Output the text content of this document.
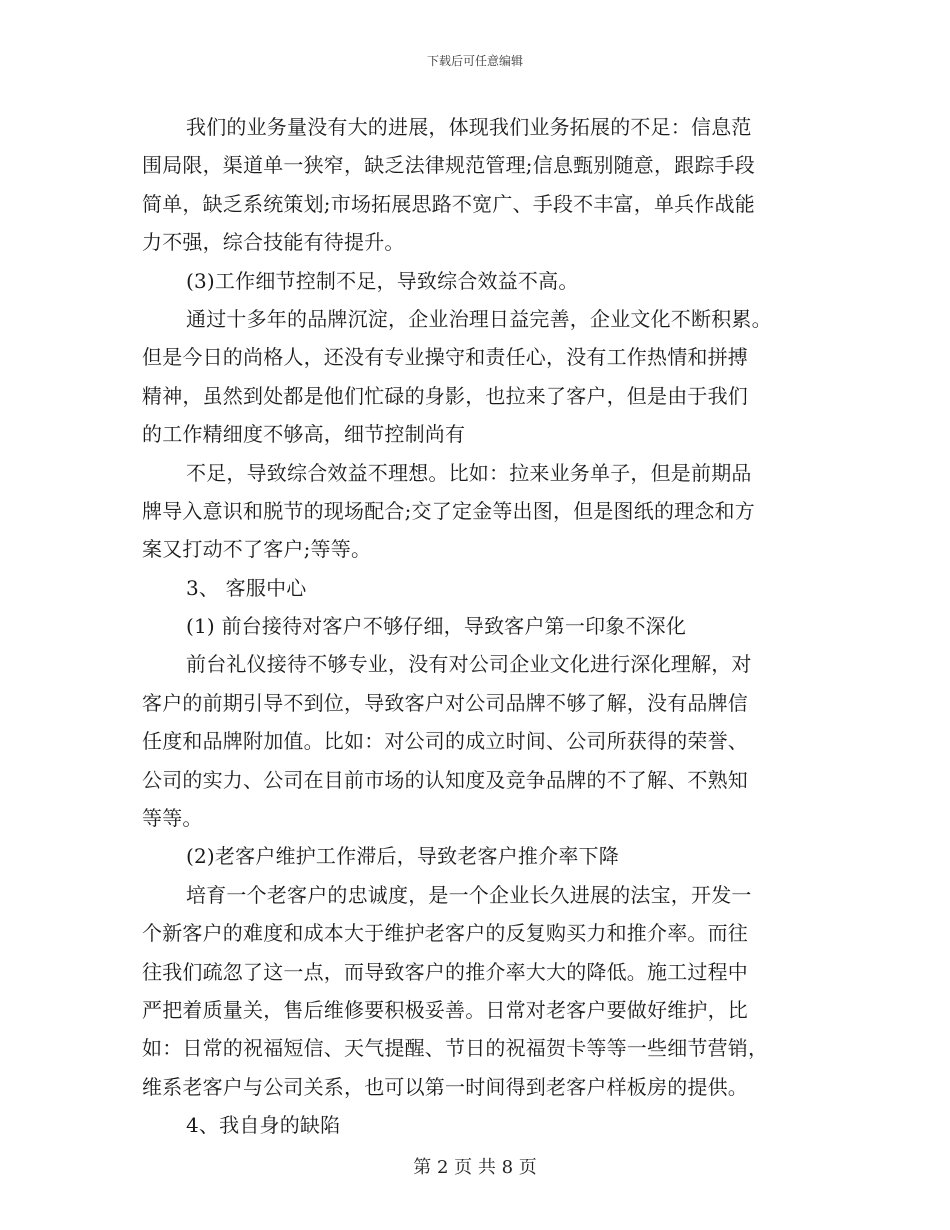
下载后可任意编辑
我们的业务量没有大的进展，体现我们业务拓展的不足：信息范
围局限，渠道单一狭窄，缺乏法律规范管理;信息甄别随意，跟踪手段
简单，缺乏系统策划;市场拓展思路不宽广、手段不丰富，单兵作战能
力不强，综合技能有待提升。
(3)工作细节控制不足，导致综合效益不高。
通过十多年的品牌沉淀，企业治理日益完善，企业文化不断积累。
但是今日的尚格人，还没有专业操守和责任心，没有工作热情和拼搏
精神，虽然到处都是他们忙碌的身影，也拉来了客户，但是由于我们
的工作精细度不够高，细节控制尚有
不足，导致综合效益不理想。比如：拉来业务单子，但是前期品
牌导入意识和脱节的现场配合;交了定金等出图，但是图纸的理念和方
案又打动不了客户;等等。
3、 客服中心
(1) 前台接待对客户不够仔细，导致客户第一印象不深化
前台礼仪接待不够专业，没有对公司企业文化进行深化理解，对
客户的前期引导不到位，导致客户对公司品牌不够了解，没有品牌信
任度和品牌附加值。比如：对公司的成立时间、公司所获得的荣誉、
公司的实力、公司在目前市场的认知度及竞争品牌的不了解、不熟知
等等。
(2)老客户维护工作滞后，导致老客户推介率下降
培育一个老客户的忠诚度，是一个企业长久进展的法宝，开发一
个新客户的难度和成本大于维护老客户的反复购买力和推介率。而往
往我们疏忽了这一点，而导致客户的推介率大大的降低。施工过程中
严把着质量关，售后维修要积极妥善。日常对老客户要做好维护，比
如：日常的祝福短信、天气提醒、节日的祝福贺卡等等一些细节营销，
维系老客户与公司关系，也可以第一时间得到老客户样板房的提供。
4、我自身的缺陷
第 2 页 共 8 页
